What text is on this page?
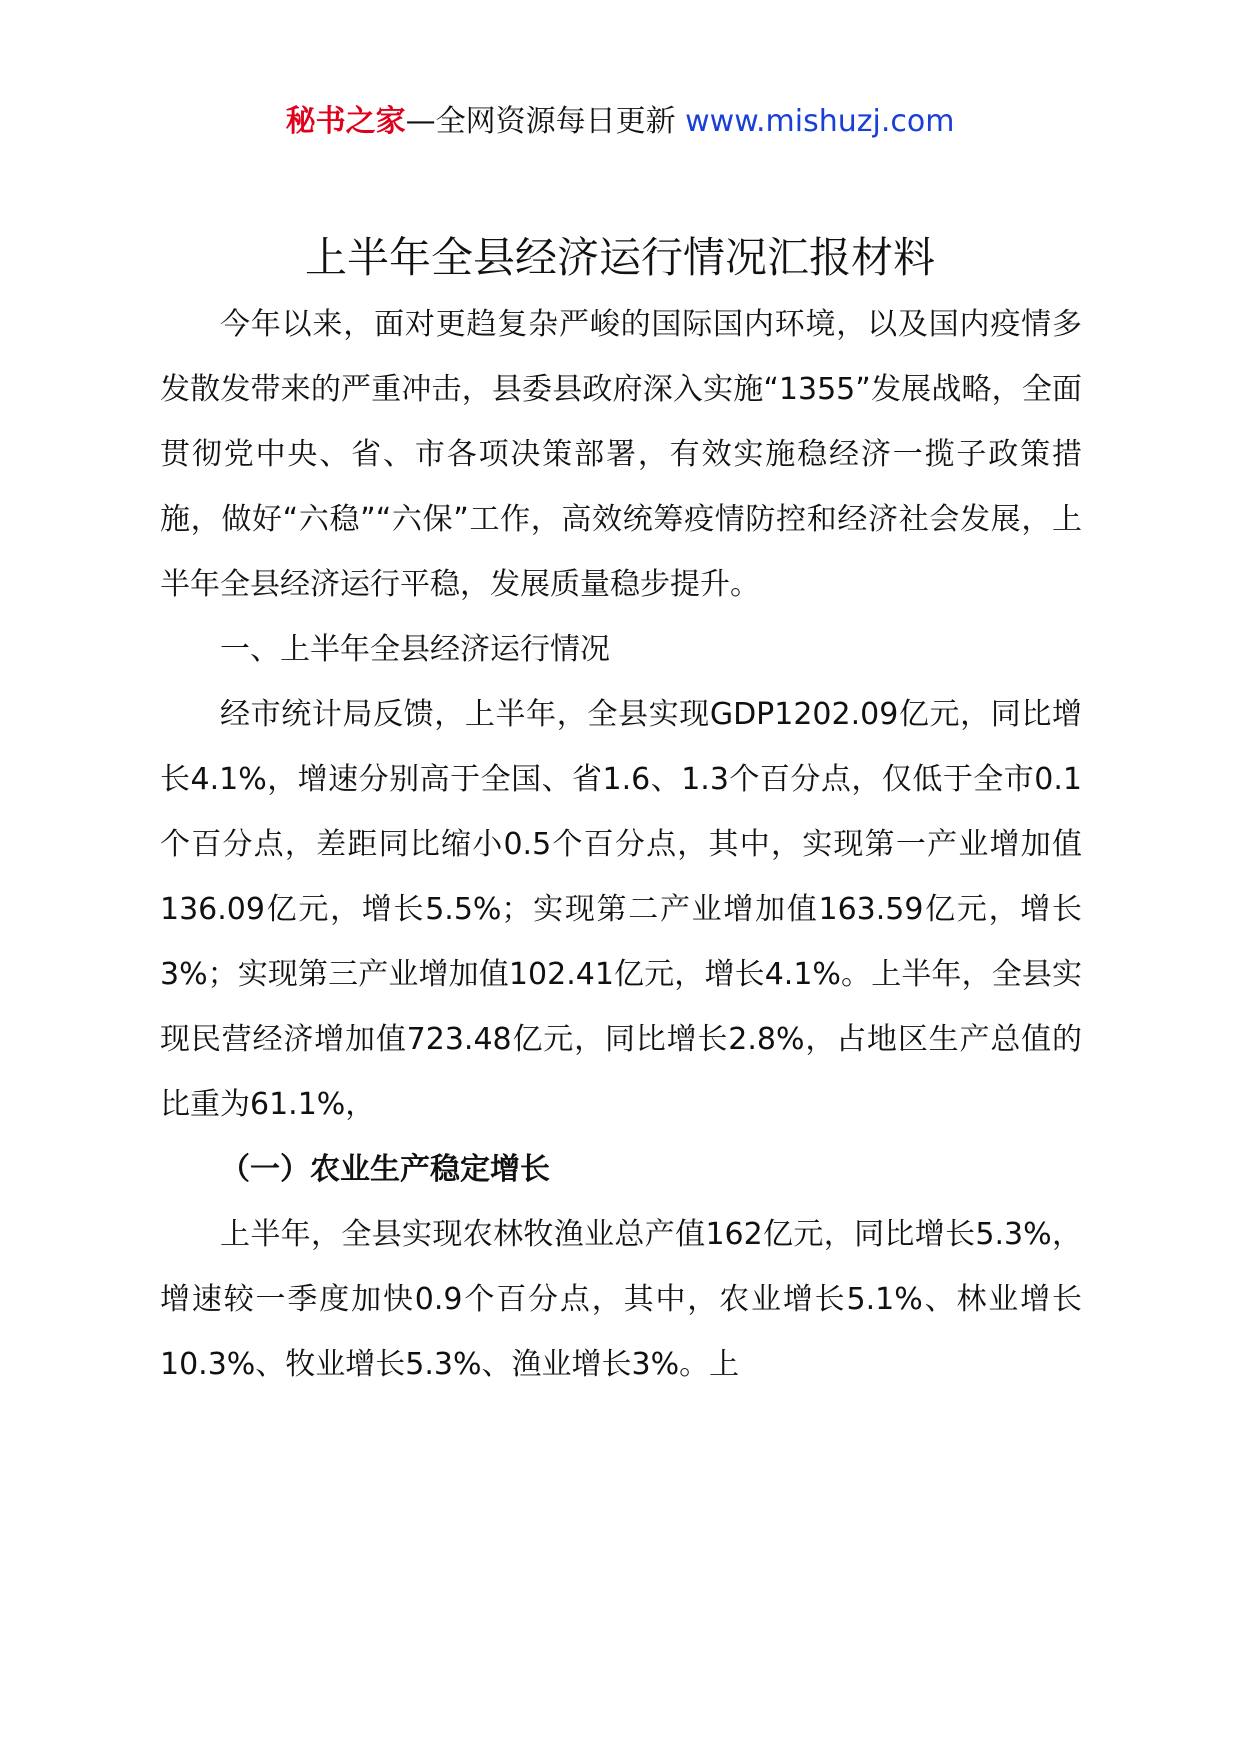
秘书之家—全网资源每日更新 www.mishuzj.com
上半年全县经济运行情况汇报材料

今年以来，面对更趋复杂严峻的国际国内环境，以及国内疫情多发散发带来的严重冲击，县委县政府深入实施“1355”发展战略，全面贯彻党中央、省、市各项决策部署，有效实施稳经济一揽子政策措施，做好“六稳”“六保”工作，高效统筹疫情防控和经济社会发展，上半年全县经济运行平稳，发展质量稳步提升。

一、上半年全县经济运行情况

经市统计局反馈，上半年，全县实现GDP1202.09亿元，同比增长4.1%，增速分别高于全国、省1.6、1.3个百分点，仅低于全市0.1个百分点，差距同比缩小0.5个百分点，其中，实现第一产业增加值136.09亿元，增长5.5%；实现第二产业增加值163.59亿元，增长3%；实现第三产业增加值102.41亿元，增长4.1%。上半年，全县实现民营经济增加值723.48亿元，同比增长2.8%，占地区生产总值的比重为61.1%，

（一）农业生产稳定增长

上半年，全县实现农林牧渔业总产值162亿元，同比增长5.3%，增速较一季度加快0.9个百分点，其中，农业增长5.1%、林业增长10.3%、牧业增长5.3%、渔业增长3%。上
